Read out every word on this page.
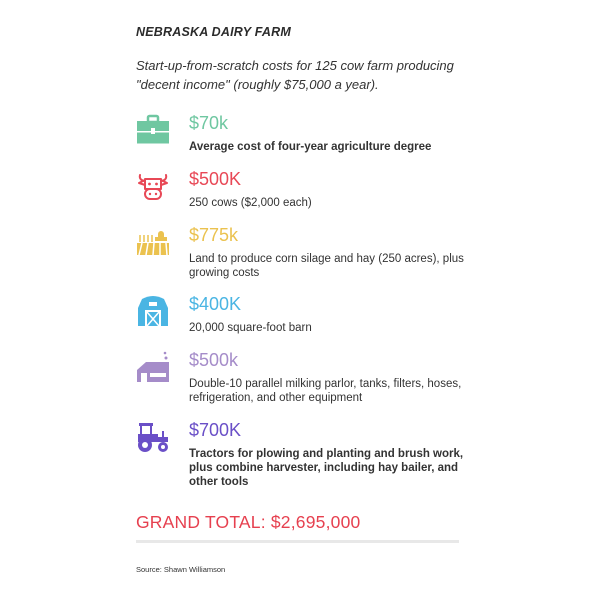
NEBRASKA DAIRY FARM
Start-up-from-scratch costs for 125 cow farm producing "decent income" (roughly $75,000 a year).
$70k
Average cost of four-year agriculture degree
$500K
250 cows ($2,000 each)
$775k
Land to produce corn silage and hay (250 acres), plus growing costs
$400K
20,000 square-foot barn
$500k
Double-10 parallel milking parlor, tanks, filters, hoses, refrigeration, and other equipment
$700K
Tractors for plowing and planting and brush work, plus combine harvester, including hay bailer, and other tools
GRAND TOTAL: $2,695,000
Source: Shawn Williamson
